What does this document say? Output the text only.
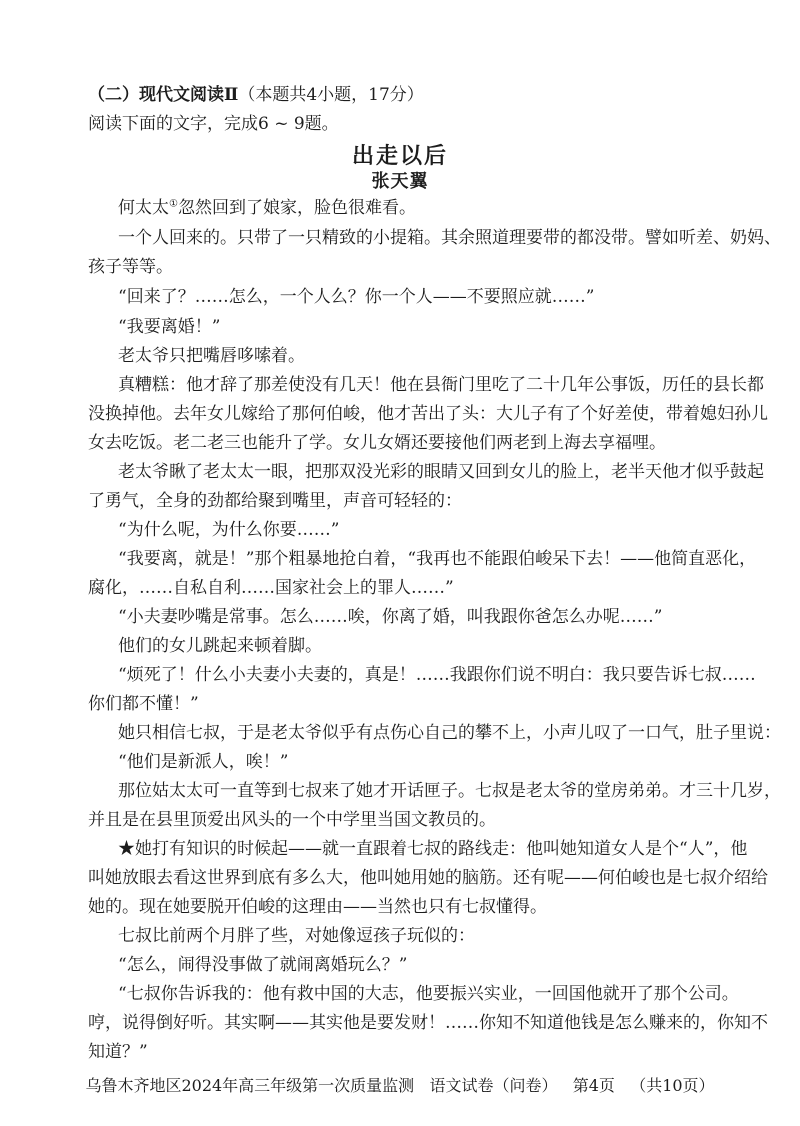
（二）现代文阅读Ⅱ（本题共4小题，17分）
阅读下面的文字，完成6 ~ 9题。
出走以后
张天翼
何太太①忽然回到了娘家，脸色很难看。
一个人回来的。只带了一只精致的小提箱。其余照道理要带的都没带。譬如听差、奶妈、
孩子等等。
“回来了？……怎么，一个人么？你一个人——不要照应就……”
“我要离婚！”
老太爷只把嘴唇哆嗦着。
真糟糕：他才辞了那差使没有几天！他在县衙门里吃了二十几年公事饭，历任的县长都
没换掉他。去年女儿嫁给了那何伯峻，他才苦出了头：大儿子有了个好差使，带着媳妇孙儿
女去吃饭。老二老三也能升了学。女儿女婿还要接他们两老到上海去享福哩。
老太爷瞅了老太太一眼，把那双没光彩的眼睛又回到女儿的脸上，老半天他才似乎鼓起
了勇气，全身的劲都给聚到嘴里，声音可轻轻的：
“为什么呢，为什么你要……”
“我要离，就是！”那个粗暴地抢白着，“我再也不能跟伯峻呆下去！——他简直恶化，
腐化，……自私自利……国家社会上的罪人……”
“小夫妻吵嘴是常事。怎么……唉，你离了婚，叫我跟你爸怎么办呢……”
他们的女儿跳起来顿着脚。
“烦死了！什么小夫妻小夫妻的，真是！……我跟你们说不明白：我只要告诉七叔……
你们都不懂！”
她只相信七叔，于是老太爷似乎有点伤心自己的攀不上，小声儿叹了一口气，肚子里说：
“他们是新派人，唉！”
那位姑太太可一直等到七叔来了她才开话匣子。七叔是老太爷的堂房弟弟。才三十几岁，
并且是在县里顶爱出风头的一个中学里当国文教员的。
★她打有知识的时候起——就一直跟着七叔的路线走：他叫她知道女人是个“人”，他
叫她放眼去看这世界到底有多么大，他叫她用她的脑筋。还有呢——何伯峻也是七叔介绍给
她的。现在她要脱开伯峻的这理由——当然也只有七叔懂得。
七叔比前两个月胖了些，对她像逗孩子玩似的：
“怎么，闹得没事做了就闹离婚玩么？”
“七叔你告诉我的：他有救中国的大志，他要振兴实业，一回国他就开了那个公司。
哼，说得倒好听。其实啊——其实他是要发财！……你知不知道他钱是怎么赚来的，你知不
知道？”
乌鲁木齐地区2024年高三年级第一次质量监测 语文试卷（问卷） 第4页 （共10页）
